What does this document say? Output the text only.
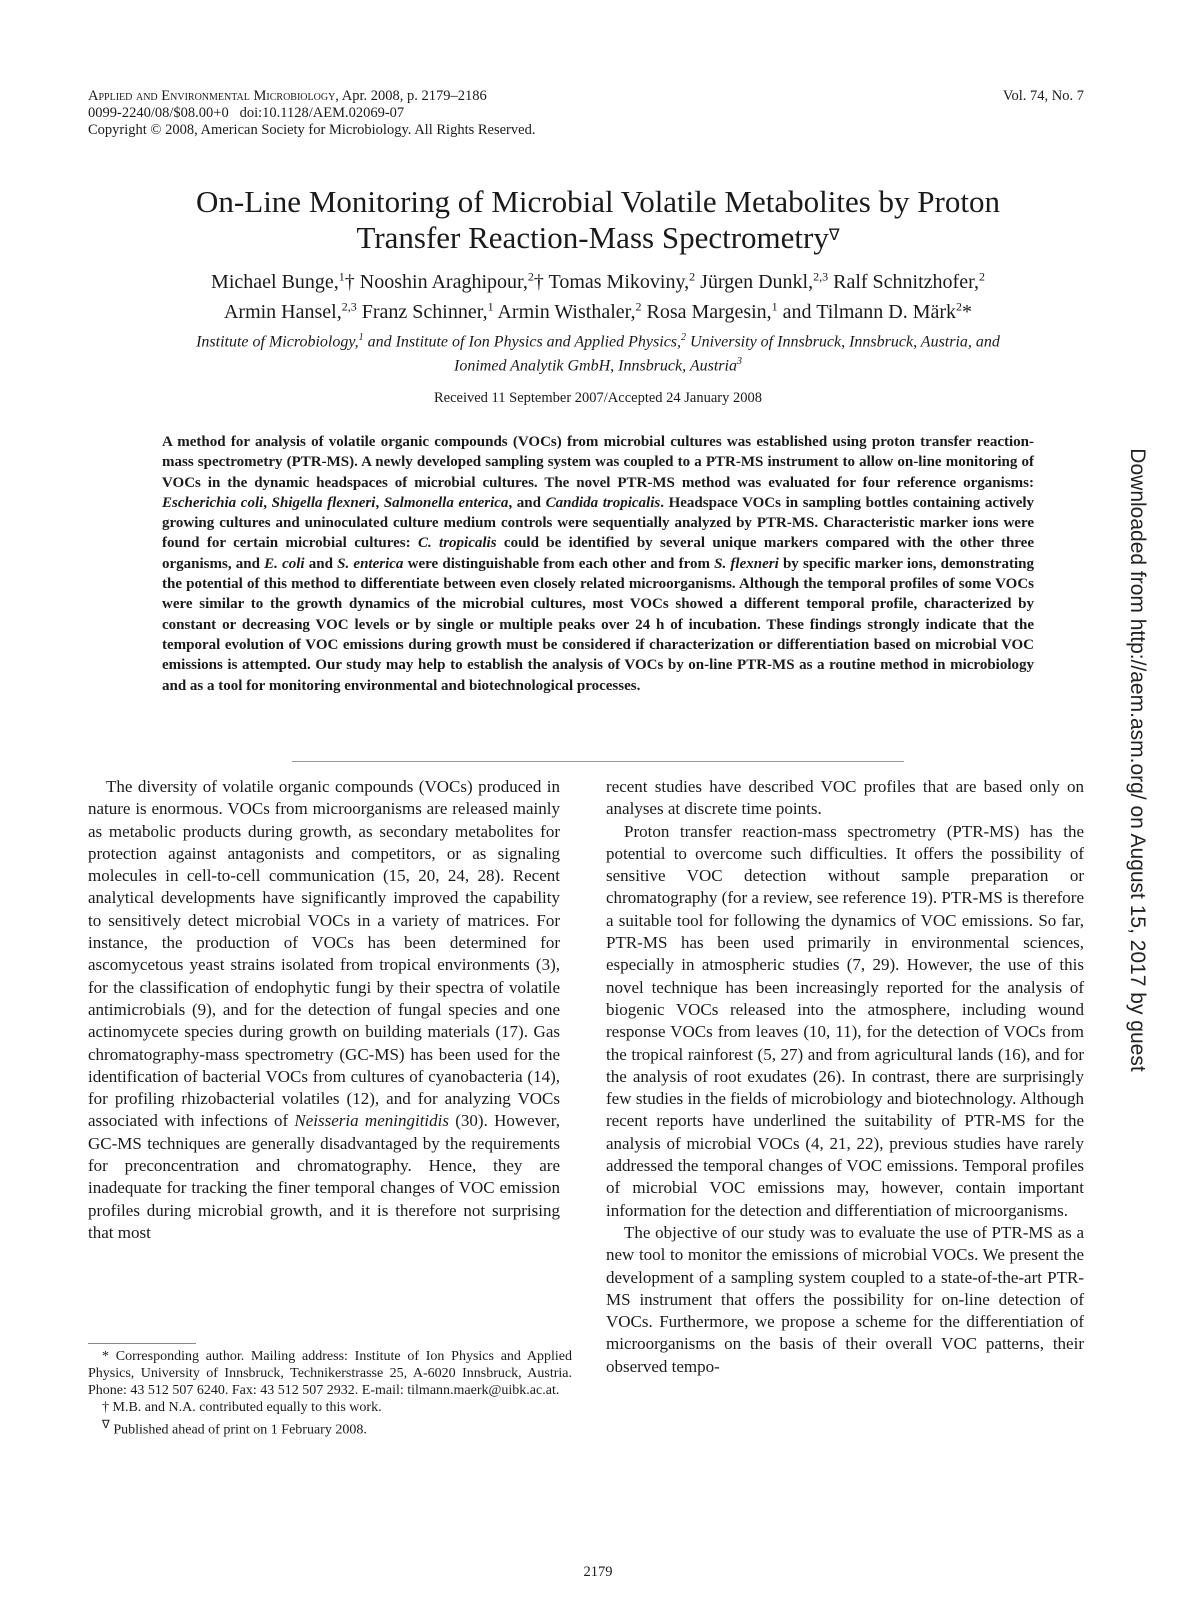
Applied and Environmental Microbiology, Apr. 2008, p. 2179–2186
0099-2240/08/$08.00+0 doi:10.1128/AEM.02069-07
Copyright © 2008, American Society for Microbiology. All Rights Reserved.
Vol. 74, No. 7
On-Line Monitoring of Microbial Volatile Metabolites by Proton
Transfer Reaction-Mass Spectrometry∇
Michael Bunge,$^1$† Nooshin Araghipour,$^2$† Tomas Mikoviny,$^2$ Jürgen Dunkl,$^{2,3}$ Ralf Schnitzhofer,$^2$
Armin Hansel,$^{2,3}$ Franz Schinner,$^1$ Armin Wisthaler,$^2$ Rosa Margesin,$^1$ and Tilmann D. Märk$^2$*
Institute of Microbiology,$^1$ and Institute of Ion Physics and Applied Physics,$^2$ University of Innsbruck, Innsbruck, Austria, and
Ionimed Analytik GmbH, Innsbruck, Austria$^3$
Received 11 September 2007/Accepted 24 January 2008
A method for analysis of volatile organic compounds (VOCs) from microbial cultures was established using proton transfer reaction-mass spectrometry (PTR-MS). A newly developed sampling system was coupled to a PTR-MS instrument to allow on-line monitoring of VOCs in the dynamic headspaces of microbial cultures. The novel PTR-MS method was evaluated for four reference organisms: Escherichia coli, Shigella flexneri, Salmonella enterica, and Candida tropicalis. Headspace VOCs in sampling bottles containing actively growing cultures and uninoculated culture medium controls were sequentially analyzed by PTR-MS. Characteristic marker ions were found for certain microbial cultures: C. tropicalis could be identified by several unique markers compared with the other three organisms, and E. coli and S. enterica were distinguishable from each other and from S. flexneri by specific marker ions, demonstrating the potential of this method to differentiate between even closely related microorganisms. Although the temporal profiles of some VOCs were similar to the growth dynamics of the microbial cultures, most VOCs showed a different temporal profile, characterized by constant or decreasing VOC levels or by single or multiple peaks over 24 h of incubation. These findings strongly indicate that the temporal evolution of VOC emissions during growth must be considered if characterization or differentiation based on microbial VOC emissions is attempted. Our study may help to establish the analysis of VOCs by on-line PTR-MS as a routine method in microbiology and as a tool for monitoring environmental and biotechnological processes.

The diversity of volatile organic compounds (VOCs) produced in nature is enormous. VOCs from microorganisms are released mainly as metabolic products during growth, as secondary metabolites for protection against antagonists and competitors, or as signaling molecules in cell-to-cell communication (15, 20, 24, 28). Recent analytical developments have significantly improved the capability to sensitively detect microbial VOCs in a variety of matrices. For instance, the production of VOCs has been determined for ascomycetous yeast strains isolated from tropical environments (3), for the classification of endophytic fungi by their spectra of volatile antimicrobials (9), and for the detection of fungal species and one actinomycete species during growth on building materials (17). Gas chromatography-mass spectrometry (GC-MS) has been used for the identification of bacterial VOCs from cultures of cyanobacteria (14), for profiling rhizobacterial volatiles (12), and for analyzing VOCs associated with infections of Neisseria meningitidis (30). However, GC-MS techniques are generally disadvantaged by the requirements for preconcentration and chromatography. Hence, they are inadequate for tracking the finer temporal changes of VOC emission profiles during microbial growth, and it is therefore not surprising that most

recent studies have described VOC profiles that are based only on analyses at discrete time points.

Proton transfer reaction-mass spectrometry (PTR-MS) has the potential to overcome such difficulties. It offers the possibility of sensitive VOC detection without sample preparation or chromatography (for a review, see reference 19). PTR-MS is therefore a suitable tool for following the dynamics of VOC emissions. So far, PTR-MS has been used primarily in environmental sciences, especially in atmospheric studies (7, 29). However, the use of this novel technique has been increasingly reported for the analysis of biogenic VOCs released into the atmosphere, including wound response VOCs from leaves (10, 11), for the detection of VOCs from the tropical rainforest (5, 27) and from agricultural lands (16), and for the analysis of root exudates (26). In contrast, there are surprisingly few studies in the fields of microbiology and biotechnology. Although recent reports have underlined the suitability of PTR-MS for the analysis of microbial VOCs (4, 21, 22), previous studies have rarely addressed the temporal changes of VOC emissions. Temporal profiles of microbial VOC emissions may, however, contain important information for the detection and differentiation of microorganisms.

The objective of our study was to evaluate the use of PTR-MS as a new tool to monitor the emissions of microbial VOCs. We present the development of a sampling system coupled to a state-of-the-art PTR-MS instrument that offers the possibility for on-line detection of VOCs. Furthermore, we propose a scheme for the differentiation of microorganisms on the basis of their overall VOC patterns, their observed tempo-

* Corresponding author. Mailing address: Institute of Ion Physics and Applied Physics, University of Innsbruck, Technikerstrasse 25, A-6020 Innsbruck, Austria. Phone: 43 512 507 6240. Fax: 43 512 507 2932. E-mail: tilmann.maerk@uibk.ac.at.

† M.B. and N.A. contributed equally to this work.

∇ Published ahead of print on 1 February 2008.

2179
Downloaded from http://aem.asm.org/ on August 15, 2017 by guest
